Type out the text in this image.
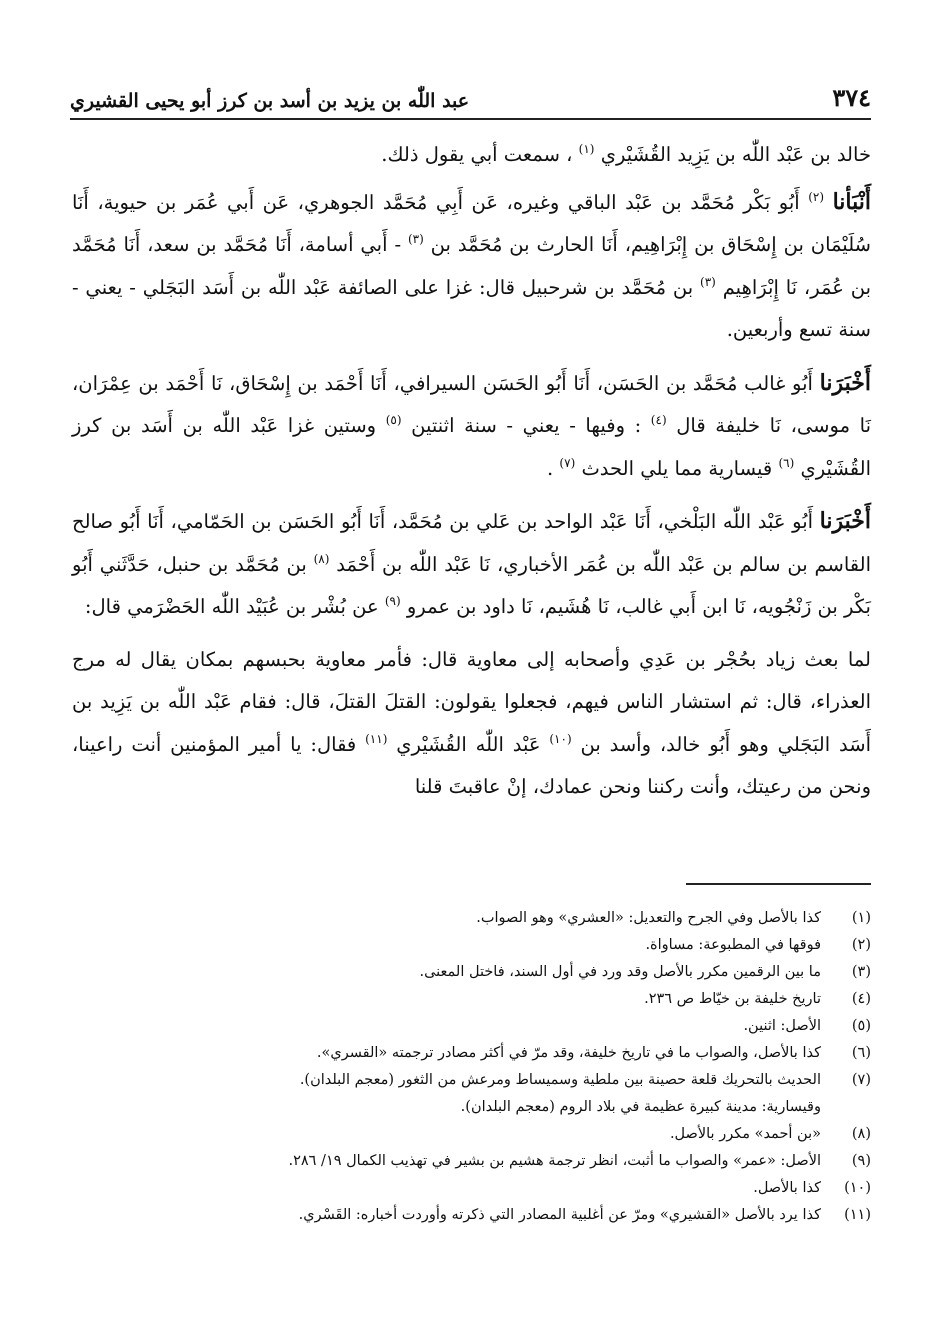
٣٧٤
عبد اللّٰه بن يزيد بن أسد بن كرز أبو يحيى القشيري

خالد بن عَبْد اللّٰه بن يَزِيد القُشَيْري $^{(١)}$ ، سمعت أبي يقول ذلك.

أَنْبَأنا $^{(٢)}$ أَبُو بَكْر مُحَمَّد بن عَبْد الباقي وغيره، عَن أَبِي مُحَمَّد الجوهري، عَن أَبي عُمَر بن حيوية، أَنَا سُلَيْمَان بن إِسْحَاق بن إِبْرَاهِيم، أَنَا الحارث بن مُحَمَّد بن $^{(٣)}$ - أَبي أسامة، أَنَا مُحَمَّد بن سعد، أَنَا مُحَمَّد بن عُمَر، نَا إِبْرَاهِيم $^{(٣)}$ بن مُحَمَّد بن شرحبيل قال: غزا على الصائفة عَبْد اللّٰه بن أَسَد البَجَلي - يعني - سنة تسع وأربعين.

أَخْبَرَنا أَبُو غالب مُحَمَّد بن الحَسَن، أَنَا أَبُو الحَسَن السيرافي، أَنَا أَحْمَد بن إِسْحَاق، نَا أَحْمَد بن عِمْرَان، نَا موسى، نَا خليفة قال $^{(٤)}$ : وفيها - يعني - سنة اثنتين $^{(٥)}$ وستين غزا عَبْد اللّٰه بن أَسَد بن كرز القُشَيْري $^{(٦)}$ قيسارية مما يلي الحدث $^{(٧)}$ .

أَخْبَرَنا أَبُو عَبْد اللّٰه البَلْخي، أَنَا عَبْد الواحد بن عَلي بن مُحَمَّد، أَنَا أَبُو الحَسَن بن الحَمّامي، أَنَا أَبُو صالح القاسم بن سالم بن عَبْد اللّٰه بن عُمَر الأخباري، نَا عَبْد اللّٰه بن أَحْمَد $^{(٨)}$ بن مُحَمَّد بن حنبل، حَدَّثَني أَبُو بَكْر بن زَنْجُويه، نَا ابن أَبي غالب، نَا هُشَيم، نَا داود بن عمرو $^{(٩)}$ عن بُشْر بن عُبَيْد اللّٰه الحَضْرَمي قال:

لما بعث زياد بحُجْر بن عَدِي وأصحابه إلى معاوية قال: فأمر معاوية بحبسهم بمكان يقال له مرج العذراء، قال: ثم استشار الناس فيهم، فجعلوا يقولون: القتلَ القتلَ، قال: فقام عَبْد اللّٰه بن يَزِيد بن أَسَد البَجَلي وهو أَبُو خالد، وأسد بن $^{(١٠)}$ عَبْد اللّٰه القُشَيْري $^{(١١)}$ فقال: يا أمير المؤمنين أنت راعينا، ونحن من رعيتك، وأنت ركننا ونحن عمادك، إنْ عاقبتَ قلنا

(١)
كذا بالأصل وفي الجرح والتعديل: «العشري» وهو الصواب.
(٢)
فوقها في المطبوعة: مساواة.
(٣)
ما بين الرقمين مكرر بالأصل وقد ورد في أول السند، فاختل المعنى.
(٤)
تاريخ خليفة بن خيّاط ص ٢٣٦.
(٥)
الأصل: اثنين.
(٦)
كذا بالأصل، والصواب ما في تاريخ خليفة، وقد مرّ في أكثر مصادر ترجمته «القسري».
(٧)
الحديث بالتحريك قلعة حصينة بين ملطية وسميساط ومرعش من الثغور (معجم البلدان).
وقيسارية: مدينة كبيرة عظيمة في بلاد الروم (معجم البلدان).
(٨)
«بن أحمد» مكرر بالأصل.
(٩)
الأصل: «عمر» والصواب ما أثبت، انظر ترجمة هشيم بن بشير في تهذيب الكمال ١٩/ ٢٨٦.
(١٠)
كذا بالأصل.
(١١)
كذا يرد بالأصل «القشيري» ومرّ عن أغلبية المصادر التي ذكرته وأوردت أخباره: القَسْري.
